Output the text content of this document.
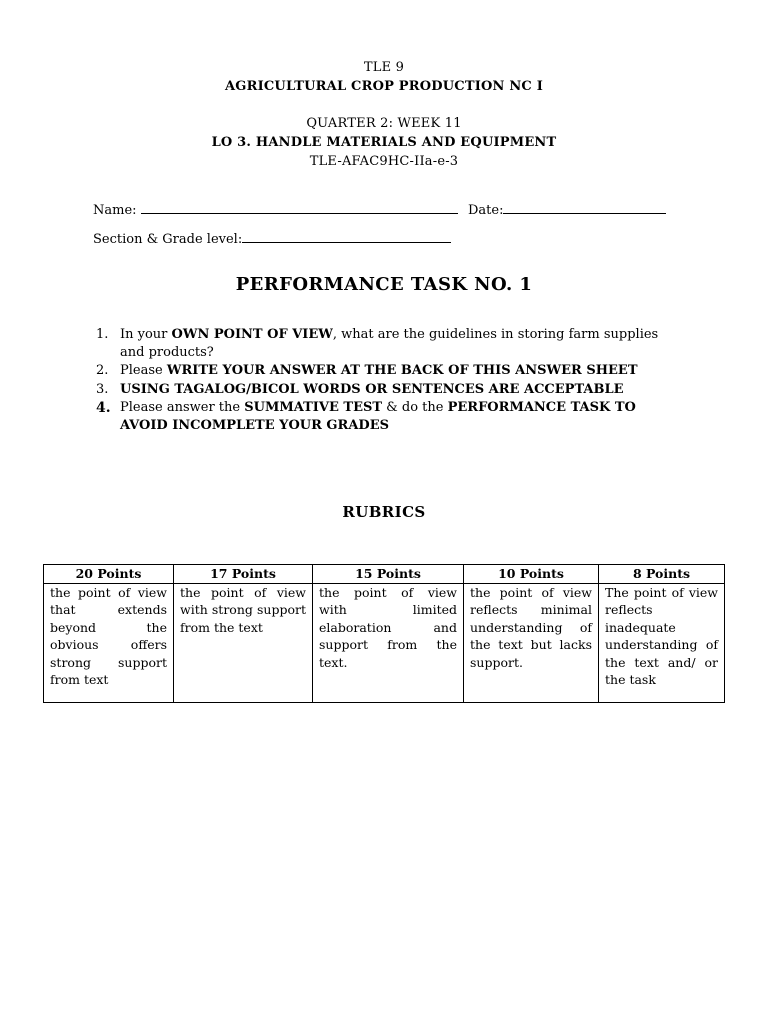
TLE 9
AGRICULTURAL CROP PRODUCTION NC I
QUARTER 2: WEEK 11
LO 3. HANDLE MATERIALS AND EQUIPMENT
TLE-AFAC9HC-IIa-e-3
Name:	Date:
Section & Grade level:
PERFORMANCE TASK NO. 1
1. In your OWN POINT OF VIEW, what are the guidelines in storing farm supplies and products?
2. Please WRITE YOUR ANSWER AT THE BACK OF THIS ANSWER SHEET
3. USING TAGALOG/BICOL WORDS OR SENTENCES ARE ACCEPTABLE
4. Please answer the SUMMATIVE TEST & do the PERFORMANCE TASK TO AVOID INCOMPLETE YOUR GRADES
RUBRICS
20 Points	17 Points	15 Points	10 Points	8 Points
the point of view that extends beyond the obvious offers strong support from text	the point of view with strong support from the text	the point of view with limited elaboration and support from the text.	the point of view reflects minimal understanding of the text but lacks support.	The point of view reflects inadequate understanding of the text and/ or the task
